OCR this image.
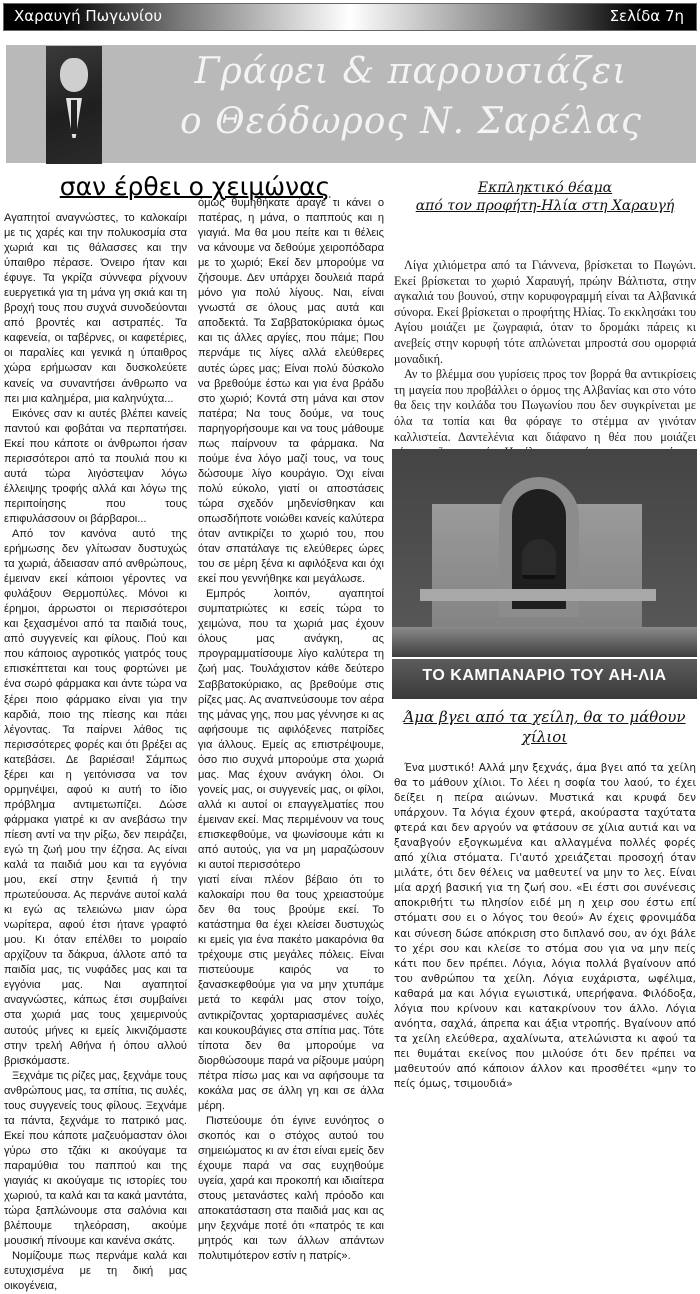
Χαραυγή Πωγωνίου	Σελίδα 7η
Γράφει & παρουσιάζει
ο Θεόδωρος Ν. Σαρέλας
σαν έρθει ο χειμώνας

Αγαπητοί αναγνώστες, το καλοκαίρι με τις χαρές και την πολυκοσμία στα χωριά και τις θάλασσες και την ύπαιθρο πέρασε. Όνειρο ήταν και έφυγε. Τα γκρίζα σύννεφα ρίχνουν ευεργετικά για τη μάνα γη σκιά και τη βροχή τους που συχνά συνοδεύονται από βροντές και αστραπές. Τα καφενεία, οι ταβέρνες, οι καφετέριες, οι παραλίες και γενικά η ύπαιθρος χώρα ερήμωσαν και δυσκολεύετε κανείς να συναντήσει άνθρωπο να πει μια καλημέρα, μια καληνύχτα...

Εικόνες σαν κι αυτές βλέπει κανείς παντού και φοβάται να περπατήσει. Εκεί που κάποτε οι άνθρωποι ήσαν περισσότεροι από τα πουλιά που κι αυτά τώρα λιγόστεψαν λόγω έλλειψης τροφής αλλά και λόγω της περιποίησης που τους επιφυλάσσουν οι βάρβαροι...

Από τον κανόνα αυτό της ερήμωσης δεν γλίτωσαν δυστυχώς τα χωριά, άδειασαν από ανθρώπους, έμειναν εκεί κάποιοι γέροντες να φυλάξουν Θερμοπύλες. Μόνοι κι έρημοι, άρρωστοι οι περισσότεροι και ξεχασμένοι από τα παιδιά τους, από συγγενείς και φίλους. Πού και που κάποιος αγροτικός γιατρός τους επισκέπτεται και τους φορτώνει με ένα σωρό φάρμακα και άντε τώρα να ξέρει ποιο φάρμακο είναι για την καρδιά, ποιο της πίεσης και πάει λέγοντας. Τα παίρνει λάθος τις περισσότερες φορές και ότι βρέξει ας κατεβάσει. Δε βαριέσαι! Σάμπως ξέρει και η γειτόνισσα να τον ορμηνέψει, αφού κι αυτή το ίδιο πρόβλημα αντιμετωπίζει. Δώσε φάρμακα γιατρέ κι αν ανεβάσω την πίεση αντί να την ρίξω, δεν πειράζει, εγώ τη ζωή μου την έζησα. Ας είναι καλά τα παιδιά μου και τα εγγόνια μου, εκεί στην ξενιτιά ή την πρωτεύουσα. Ας περνάνε αυτοί καλά κι εγώ ας τελειώνω μιαν ώρα νωρίτερα, αφού έτσι ήτανε γραφτό μου. Κι όταν επέλθει το μοιραίο αρχίζουν τα δάκρυα, άλλοτε από τα παιδία μας, τις νυφάδες μας και τα εγγόνια μας. Ναι αγαπητοί αναγνώστες, κάπως έτσι συμβαίνει στα χωριά μας τους χειμερινούς αυτούς μήνες κι εμείς λικνιζόμαστε στην τρελή Αθήνα ή όπου αλλού βρισκόμαστε.

Ξεχνάμε τις ρίζες μας, ξεχνάμε τους ανθρώπους μας, τα σπίτια, τις αυλές, τους συγγενείς τους φίλους. Ξεχνάμε τα πάντα, ξεχνάμε το πατρικό μας. Εκεί που κάποτε μαζευόμασταν όλοι γύρω στο τζάκι κι ακούγαμε τα παραμύθια του παππού και της γιαγιάς κι ακούγαμε τις ιστορίες του χωριού, τα καλά και τα κακά μαντάτα, τώρα ξαπλώνουμε στα σαλόνια και βλέπουμε τηλεόραση, ακούμε μουσική πίνουμε και κανένα σκάτς.

Νομίζουμε πως περνάμε καλά και ευτυχισμένα με τη δική μας οικογένεια,

όμως θυμηθήκατε άραγε τι κάνει ο πατέρας, η μάνα, ο παππούς και η γιαγιά. Μα θα μου πείτε και τι θέλεις να κάνουμε να δεθούμε χειροπόδαρα με το χωριό; Εκεί δεν μπορούμε να ζήσουμε. Δεν υπάρχει δουλειά παρά μόνο για πολύ λίγους. Ναι, είναι γνωστά σε όλους μας αυτά και αποδεκτά. Τα Σαββατοκύριακα όμως και τις άλλες αργίες, που πάμε; Που περνάμε τις λίγες αλλά ελεύθερες αυτές ώρες μας; Είναι πολύ δύσκολο να βρεθούμε έστω και για ένα βράδυ στο χωριό; Κοντά στη μάνα και στον πατέρα; Να τους δούμε, να τους παρηγορήσουμε και να τους μάθουμε πως παίρνουν τα φάρμακα. Να πούμε ένα λόγο μαζί τους, να τους δώσουμε λίγο κουράγιο. Όχι είναι πολύ εύκολο, γιατί οι αποστάσεις τώρα σχεδόν μηδενίσθηκαν και οπωσδήποτε νοιώθει κανείς καλύτερα όταν αντικρίζει το χωριό του, που όταν σπατάλαγε τις ελεύθερες ώρες του σε μέρη ξένα κι αφιλόξενα και όχι εκεί που γεννήθηκε και μεγάλωσε.

Εμπρός λοιπόν, αγαπητοί συμπατριώτες κι εσείς τώρα το χειμώνα, που τα χωριά μας έχουν όλους μας ανάγκη, ας προγραμματίσουμε λίγο καλύτερα τη ζωή μας. Τουλάχιστον κάθε δεύτερο Σαββατοκύριακο, ας βρεθούμε στις ρίζες μας. Ας αναπνεύσουμε τον αέρα της μάνας γης, που μας γέννησε κι ας αφήσουμε τις αφιλόξενες πατρίδες για άλλους. Εμείς ας επιστρέψουμε, όσο πιο συχνά μπορούμε στα χωριά μας. Μας έχουν ανάγκη όλοι. Οι γονείς μας, οι συγγενείς μας, οι φίλοι, αλλά κι αυτοί οι επαγγελματίες που έμειναν εκεί. Μας περιμένουν να τους επισκεφθούμε, να ψωνίσουμε κάτι κι από αυτούς, για να μη μαραζώσουν κι αυτοί περισσότερο

γιατί είναι πλέον βέβαιο ότι το καλοκαίρι που θα τους χρειαστούμε δεν θα τους βρούμε εκεί. Το κατάστημα θα έχει κλείσει δυστυχώς κι εμείς για ένα πακέτο μακαρόνια θα τρέχουμε στις μεγάλες πόλεις. Είναι πιστεύουμε καιρός να το ξανασκεφθούμε για να μην χτυπάμε μετά το κεφάλι μας στον τοίχο, αντικρίζοντας χορταριασμένες αυλές και κουκουβάγιες στα σπίτια μας. Τότε τίποτα δεν θα μπορούμε να διορθώσουμε παρά να ρίξουμε μαύρη πέτρα πίσω μας και να αφήσουμε τα κοκάλα μας σε άλλη γη και σε άλλα μέρη.

Πιστεύουμε ότι έγινε ευνόητος ο σκοπός και ο στόχος αυτού του σημειώματος κι αν έτσι είναι εμείς δεν έχουμε παρά να σας ευχηθούμε υγεία, χαρά και προκοπή και ιδιαίτερα στους μετανάστες καλή πρόοδο και αποκατάσταση στα παιδιά μας και ας μην ξεχνάμε ποτέ ότι «πατρός τε και μητρός και των άλλων απάντων πολυτιμότερον εστίν η πατρίς».

Εκπληκτικό θέαμα
από τον προφήτη-Ηλία στη Χαραυγή

Λίγα χιλιόμετρα από τα Γιάννενα, βρίσκεται το Πωγώνι. Εκεί βρίσκεται το χωριό Χαραυγή, πρώην Βάλτιστα, στην αγκαλιά του βουνού, στην κορυφογραμμή είναι τα Αλβανικά σύνορα. Εκεί βρίσκεται ο προφήτης Ηλίας. Το εκκλησάκι του Αγίου μοιάζει με ζωγραφιά, όταν το δρομάκι πάρεις κι ανεβείς στην κορυφή τότε απλώνεται μπροστά σου ομορφιά μοναδική.

Αν το βλέμμα σου γυρίσεις προς τον βορρά θα αντικρίσεις τη μαγεία που προβάλλει ο όρμος της Αλβανίας και στο νότο θα δεις την κοιλάδα του Πωγωνίου που δεν συγκρίνεται με όλα τα τοπία και θα φόραγε το στέμμα αν γινόταν καλλιστεία. Δαντελένια και διάφανο η θέα που μοιάζει

ΤΟ ΚΑΜΠΑΝΑΡΙΟ ΤΟΥ ΑΗ-ΛΙΑ
Άμα βγει από τα χείλη, θα το μάθουν χίλιοι

Ένα μυστικό! Αλλά μην ξεχνάς, άμα βγει από τα χείλη θα το μάθουν χίλιοι. Το λέει η σοφία του λαού, το έχει δείξει η πείρα αιώνων. Μυστικά και κρυφά δεν υπάρχουν. Τα λόγια έχουν φτερά, ακούραστα ταχύτατα φτερά και δεν αργούν να φτάσουν σε χίλια αυτιά και να ξαναβγούν εξογκωμένα και αλλαγμένα πολλές φορές από χίλια στόματα. Γι'αυτό χρειάζεται προσοχή όταν μιλάτε, ότι δεν θέλεις να μαθευτεί να μην το λες. Είναι μία αρχή βασική για τη ζωή σου. «Ει έστι σοι συνένεσις αποκριθήτι τω πλησίον ειδέ μη η χειρ σου έστω επί στόματι σου ει ο λόγος του θεού» Αν έχεις φρονιμάδα και σύνεση δώσε απόκριση στο διπλανό σου, αν όχι βάλε το χέρι σου και κλείσε το στόμα σου για να μην πείς κάτι που δεν πρέπει. Λόγια, λόγια πολλά βγαίνουν από του ανθρώπου τα χείλη. Λόγια ευχάριστα, ωφέλιμα, καθαρά μα και λόγια εγωιστικά, υπερήφανα. Φιλόδοξα, λόγια που κρίνουν και κατακρίνουν τον άλλο. Λόγια ανόητα, σαχλά, άπρεπα και άξια ντροπής. Βγαίνουν από τα χείλη ελεύθερα, αχαλίνωτα, ατελώνιστα κι αφού τα πει θυμάται εκείνος που μιλούσε ότι δεν πρέπει να μαθευτούν από κάποιον άλλον και προσθέτει «μην το πείς όμως, τσιμουδιά»
